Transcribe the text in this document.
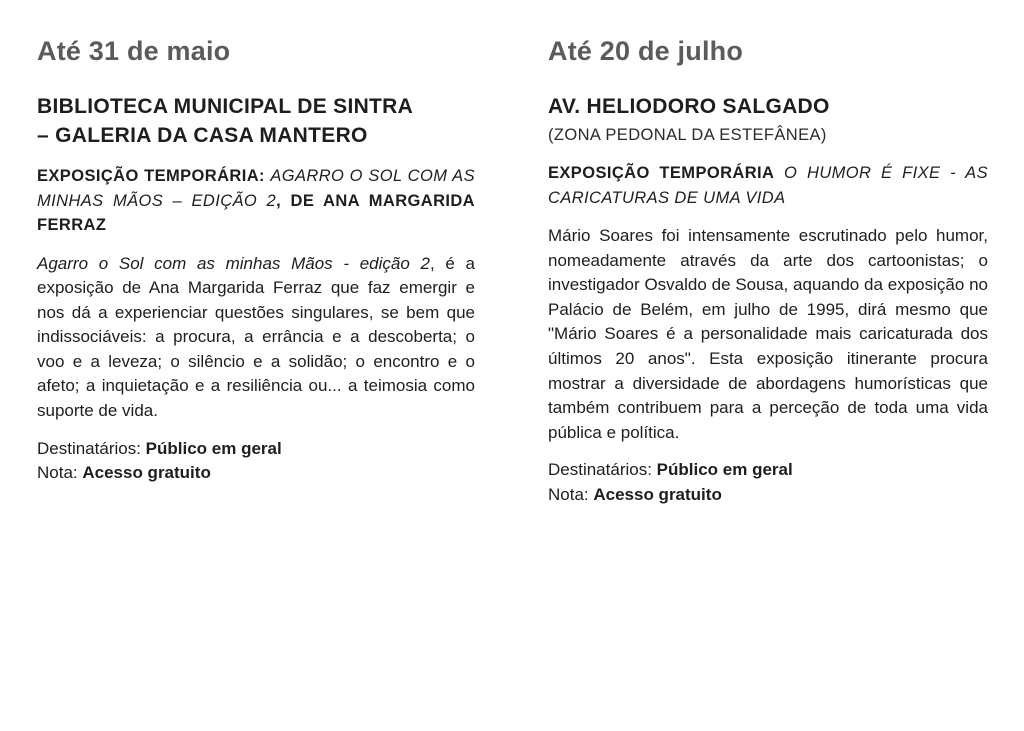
Até 31 de maio
BIBLIOTECA MUNICIPAL DE SINTRA
– GALERIA DA CASA MANTERO

EXPOSIÇÃO TEMPORÁRIA: AGARRO O SOL COM AS MINHAS MÃOS – EDIÇÃO 2, DE ANA MARGARIDA FERRAZ

Agarro o Sol com as minhas Mãos - edição 2, é a exposição de Ana Margarida Ferraz que faz emergir e nos dá a experienciar questões singulares, se bem que indissociáveis: a procura, a errância e a descoberta; o voo e a leveza; o silêncio e a solidão; o encontro e o afeto; a inquietação e a resiliência ou... a teimosia como suporte de vida.

Destinatários: Público em geral
Nota: Acesso gratuito
Até 20 de julho
AV. HELIODORO SALGADO

(ZONA PEDONAL DA ESTEFÂNEA)

EXPOSIÇÃO TEMPORÁRIA O HUMOR É FIXE - AS CARICATURAS DE UMA VIDA

Mário Soares foi intensamente escrutinado pelo humor, nomeadamente através da arte dos cartoonistas; o investigador Osvaldo de Sousa, aquando da exposição no Palácio de Belém, em julho de 1995, dirá mesmo que "Mário Soares é a personalidade mais caricaturada dos últimos 20 anos". Esta exposição itinerante procura mostrar a diversidade de abordagens humorísticas que também contribuem para a perceção de toda uma vida pública e política.

Destinatários: Público em geral
Nota: Acesso gratuito
